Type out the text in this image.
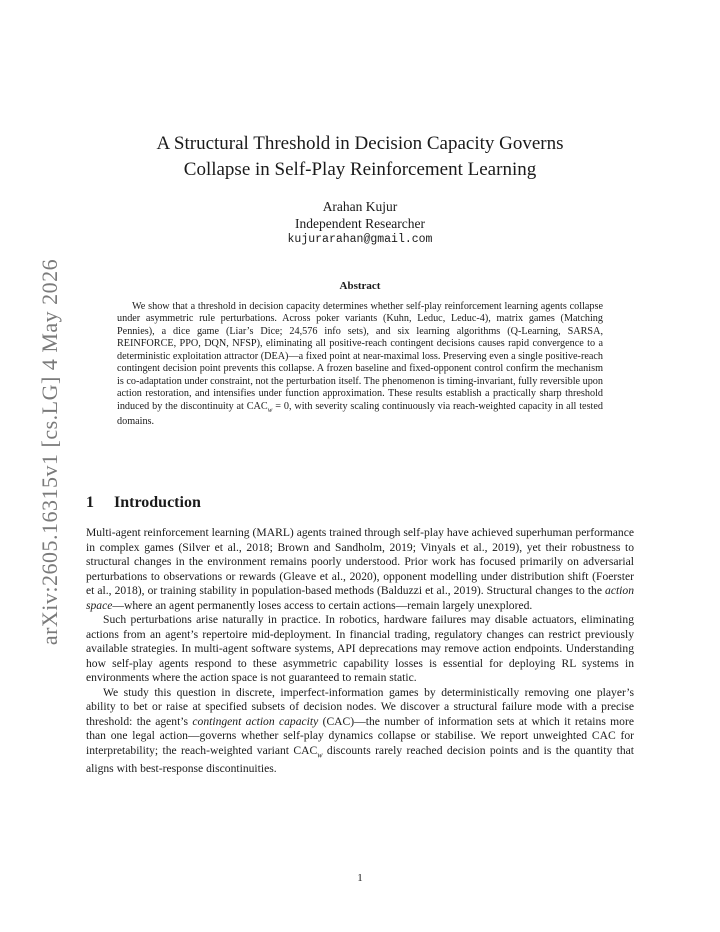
arXiv:2605.16315v1 [cs.LG] 4 May 2026
A Structural Threshold in Decision Capacity Governs
Collapse in Self-Play Reinforcement Learning
Arahan Kujur
Independent Researcher
kujurarahan@gmail.com
Abstract

We show that a threshold in decision capacity determines whether self-play reinforcement learning agents collapse under asymmetric rule perturbations. Across poker variants (Kuhn, Leduc, Leduc-4), matrix games (Matching Pennies), a dice game (Liar’s Dice; 24,576 info sets), and six learning algorithms (Q-Learning, SARSA, REINFORCE, PPO, DQN, NFSP), eliminating all positive-reach contingent decisions causes rapid convergence to a deterministic exploitation attractor (DEA)—a fixed point at near-maximal loss. Preserving even a single positive-reach contingent decision point prevents this collapse. A frozen baseline and fixed-opponent control confirm the mechanism is co-adaptation under constraint, not the perturbation itself. The phenomenon is timing-invariant, fully reversible upon action restoration, and intensifies under function approximation. These results establish a practically sharp threshold induced by the discontinuity at $CAC_w = 0$, with severity scaling continuously via reach-weighted capacity in all tested domains.

1 Introduction

Multi-agent reinforcement learning (MARL) agents trained through self-play have achieved superhuman performance in complex games (Silver et al., 2018; Brown and Sandholm, 2019; Vinyals et al., 2019), yet their robustness to structural changes in the environment remains poorly understood. Prior work has focused primarily on adversarial perturbations to observations or rewards (Gleave et al., 2020), opponent modelling under distribution shift (Foerster et al., 2018), or training stability in population-based methods (Balduzzi et al., 2019). Structural changes to the action space—where an agent permanently loses access to certain actions—remain largely unexplored.

Such perturbations arise naturally in practice. In robotics, hardware failures may disable actuators, eliminating actions from an agent’s repertoire mid-deployment. In financial trading, regulatory changes can restrict previously available strategies. In multi-agent software systems, API deprecations may remove action endpoints. Understanding how self-play agents respond to these asymmetric capability losses is essential for deploying RL systems in environments where the action space is not guaranteed to remain static.

We study this question in discrete, imperfect-information games by deterministically removing one player’s ability to bet or raise at specified subsets of decision nodes. We discover a structural failure mode with a precise threshold: the agent’s contingent action capacity (CAC)—the number of information sets at which it retains more than one legal action—governs whether self-play dynamics collapse or stabilise. We report unweighted CAC for interpretability; the reach-weighted variant $CAC_w$ discounts rarely reached decision points and is the quantity that aligns with best-response discontinuities.

1
